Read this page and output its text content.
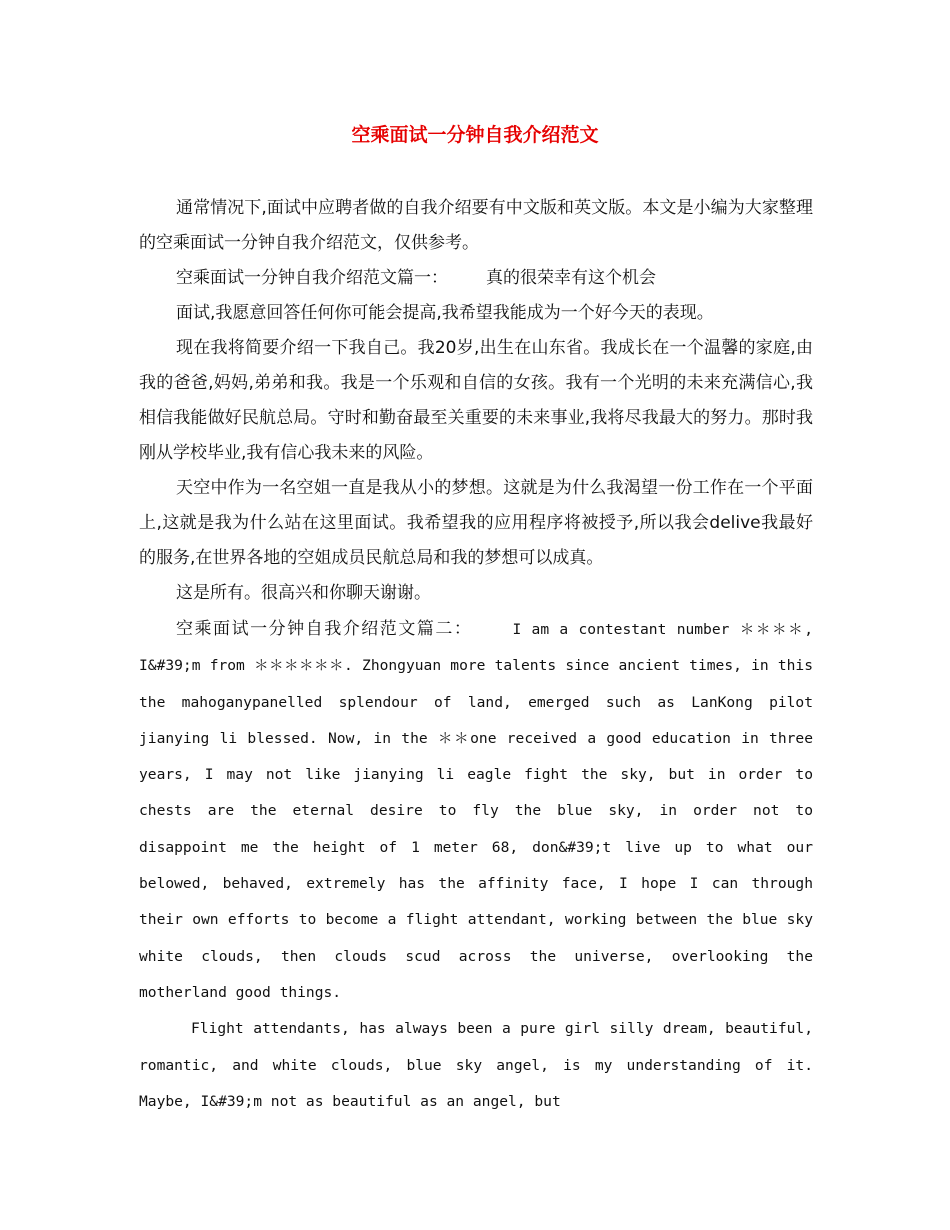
空乘面试一分钟自我介绍范文

通常情况下,面试中应聘者做的自我介绍要有中文版和英文版。本文是小编为大家整理的空乘面试一分钟自我介绍范文，仅供参考。

空乘面试一分钟自我介绍范文篇一： 真的很荣幸有这个机会

面试,我愿意回答任何你可能会提高,我希望我能成为一个好今天的表现。

现在我将简要介绍一下我自己。我20岁,出生在山东省。我成长在一个温馨的家庭,由我的爸爸,妈妈,弟弟和我。我是一个乐观和自信的女孩。我有一个光明的未来充满信心,我相信我能做好民航总局。守时和勤奋最至关重要的未来事业,我将尽我最大的努力。那时我刚从学校毕业,我有信心我未来的风险。

天空中作为一名空姐一直是我从小的梦想。这就是为什么我渴望一份工作在一个平面上,这就是我为什么站在这里面试。我希望我的应用程序将被授予,所以我会delive我最好的服务,在世界各地的空姐成员民航总局和我的梦想可以成真。

这是所有。很高兴和你聊天谢谢。

空乘面试一分钟自我介绍范文篇二：	I am a contestant number ＊＊＊＊, I&#39;m from ＊＊＊＊＊＊. Zhongyuan more talents since ancient times, in this the mahoganypanelled splendour of land, emerged such as LanKong pilot jianying li blessed. Now, in the ＊＊one received a good education in three years, I may not like jianying li eagle fight the sky, but in order to chests are the eternal desire to fly the blue sky, in order not to disappoint me the height of 1 meter 68, don&#39;t live up to what our belowed, behaved, extremely has the affinity face, I hope I can through their own efforts to become a flight attendant, working between the blue sky white clouds, then clouds scud across the universe, overlooking the motherland good things.

Flight attendants, has always been a pure girl silly dream, beautiful, romantic, and white clouds, blue sky angel, is my understanding of it. Maybe, I&#39;m not as beautiful as an angel, but
